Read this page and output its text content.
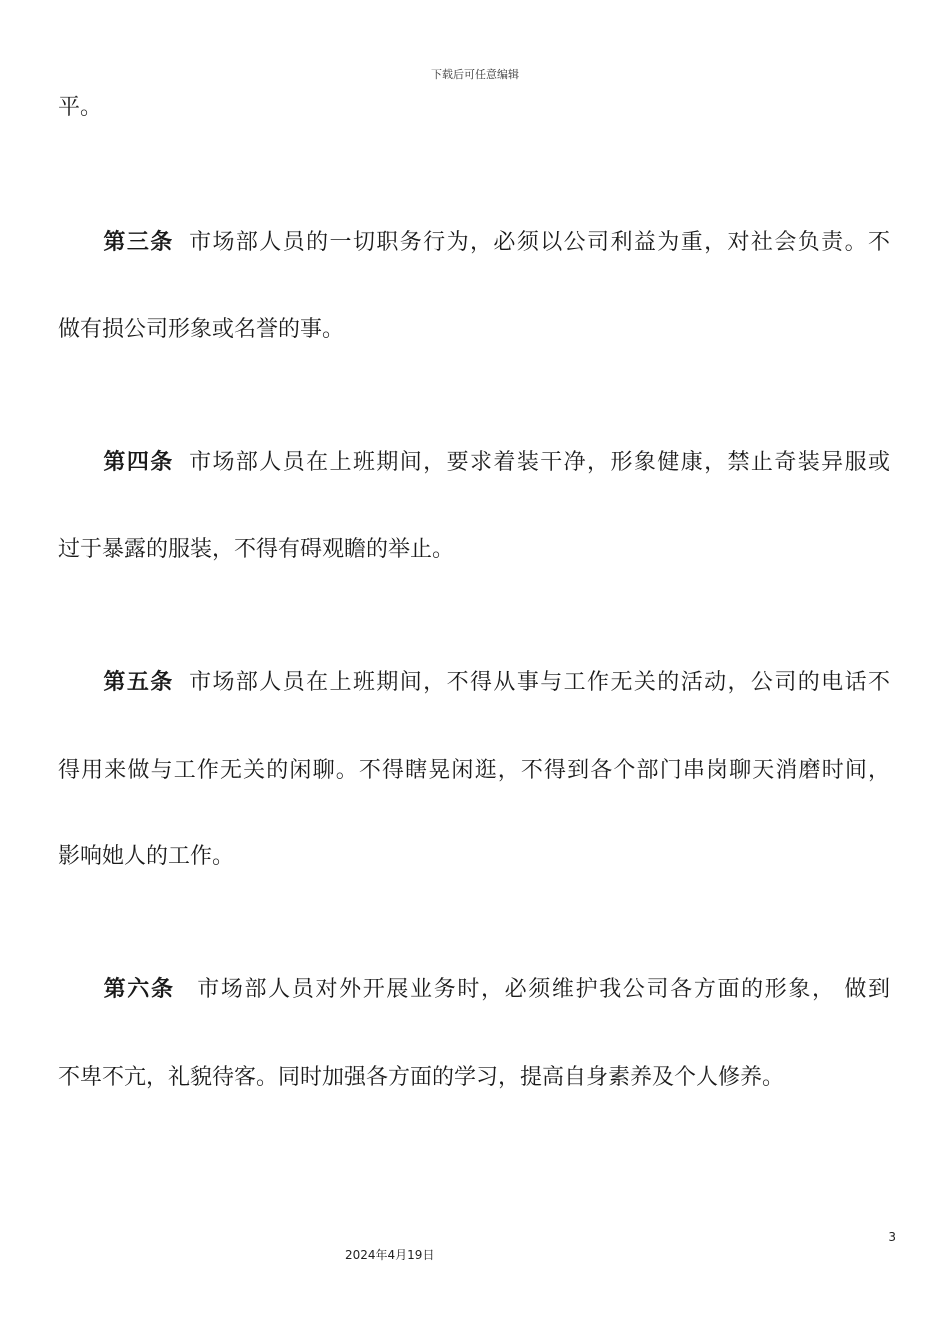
下载后可任意编辑
平。
第三条 市场部人员的一切职务行为，必须以公司利益为重，对社会负责。不
做有损公司形象或名誉的事。
第四条 市场部人员在上班期间，要求着装干净，形象健康，禁止奇装异服或
过于暴露的服装，不得有碍观瞻的举止。
第五条 市场部人员在上班期间，不得从事与工作无关的活动，公司的电话不
得用来做与工作无关的闲聊。不得瞎晃闲逛，不得到各个部门串岗聊天消磨时间，
影响她人的工作。
第六条 市场部人员对外开展业务时，必须维护我公司各方面的形象， 做到
不卑不亢，礼貌待客。同时加强各方面的学习，提高自身素养及个人修养。
3
2024年4月19日
